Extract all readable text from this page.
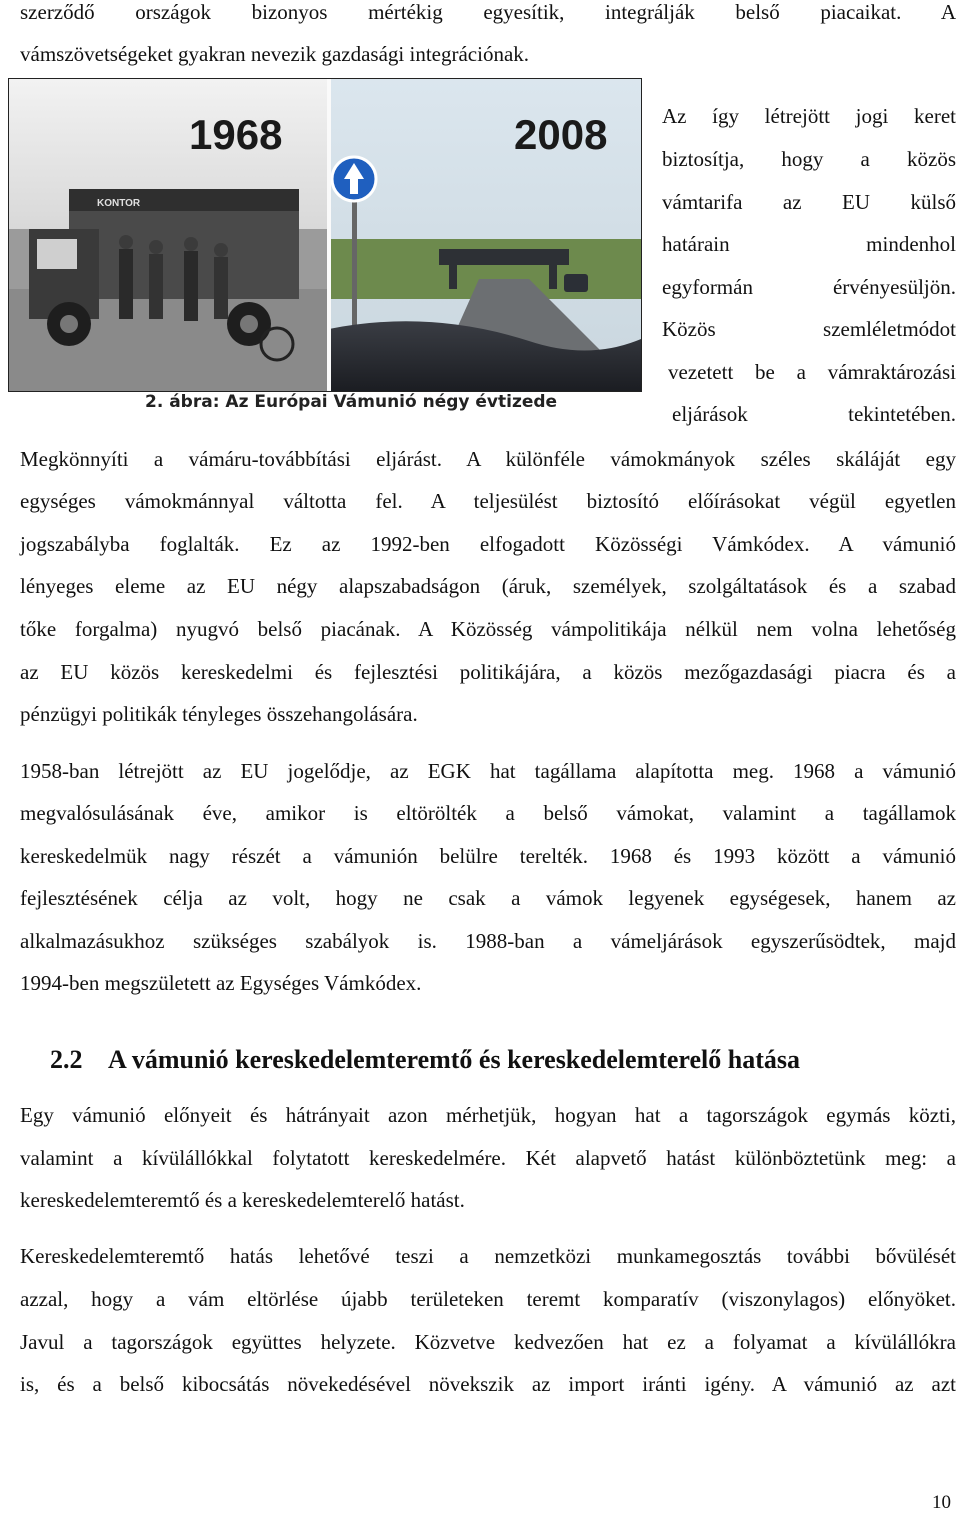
szerződő országok bizonyos mértékig egyesítik, integrálják belső piacaikat. A
vámszövetségeket gyakran nevezik gazdasági integrációnak.
KONTOR
1968	2008
2. ábra: Az Európai Vámunió négy évtizede
Az így létrejött jogi keret
biztosítja, hogy a közös
vámtarifa az EU külső
határain mindenhol
egyformán érvényesüljön.
Közös szemléletmódot
vezetett be a vámraktározási
eljárások tekintetében.
Megkönnyíti a vámáru-továbbítási eljárást. A különféle vámokmányok széles skáláját egy
egységes vámokmánnyal váltotta fel. A teljesülést biztosító előírásokat végül egyetlen
jogszabályba foglalták. Ez az 1992-ben elfogadott Közösségi Vámkódex. A vámunió
lényeges eleme az EU négy alapszabadságon (áruk, személyek, szolgáltatások és a szabad
tőke forgalma) nyugvó belső piacának. A Közösség vámpolitikája nélkül nem volna lehetőség
az EU közös kereskedelmi és fejlesztési politikájára, a közös mezőgazdasági piacra és a
pénzügyi politikák tényleges összehangolására.
1958-ban létrejött az EU jogelődje, az EGK hat tagállama alapította meg. 1968 a vámunió
megvalósulásának éve, amikor is eltörölték a belső vámokat, valamint a tagállamok
kereskedelmük nagy részét a vámunión belülre terelték. 1968 és 1993 között a vámunió
fejlesztésének célja az volt, hogy ne csak a vámok legyenek egységesek, hanem az
alkalmazásukhoz szükséges szabályok is. 1988-ban a vámeljárások egyszerűsödtek, majd
1994-ben megszületett az Egységes Vámkódex.
2.2 A vámunió kereskedelemteremtő és kereskedelemterelő hatása
Egy vámunió előnyeit és hátrányait azon mérhetjük, hogyan hat a tagországok egymás közti,
valamint a kívülállókkal folytatott kereskedelmére. Két alapvető hatást különböztetünk meg: a
kereskedelemteremtő és a kereskedelemterelő hatást.
Kereskedelemteremtő hatás lehetővé teszi a nemzetközi munkamegosztás további bővülését
azzal, hogy a vám eltörlése újabb területeken teremt komparatív (viszonylagos) előnyöket.
Javul a tagországok együttes helyzete. Közvetve kedvezően hat ez a folyamat a kívülállókra
is, és a belső kibocsátás növekedésével növekszik az import iránti igény. A vámunió az azt
10
